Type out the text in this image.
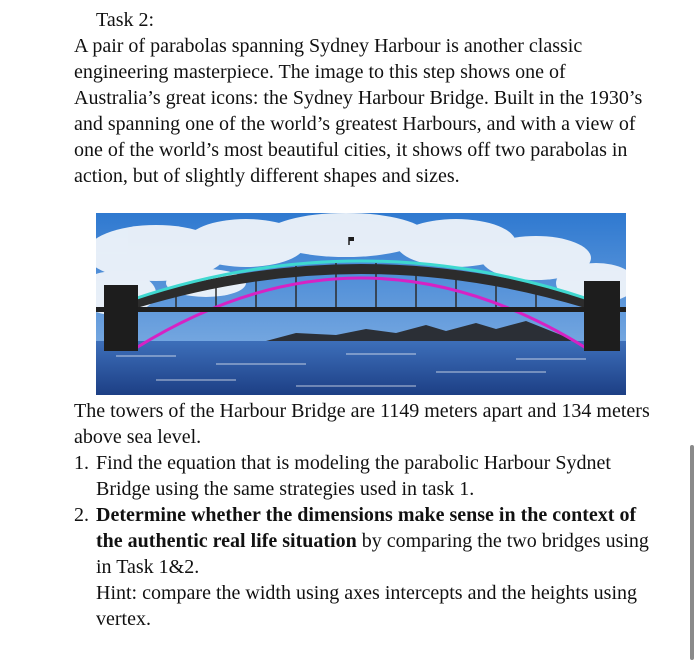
Task 2:

A pair of parabolas spanning Sydney Harbour is another classic engineering masterpiece. The image to this step shows one of Australia’s great icons: the Sydney Harbour Bridge. Built in the 1930’s and spanning one of the world’s greatest Harbours, and with a view of one of the world’s most beautiful cities, it shows off two parabolas in action, but of slightly different shapes and sizes.

The towers of the Harbour Bridge are 1149 meters apart and 134 meters above sea level.

1. Find the equation that is modeling the parabolic Harbour Sydnet Bridge using the same strategies used in task 1.
2. Determine whether the dimensions make sense in the context of the authentic real life situation by comparing the two bridges using in Task 1&2.
Hint: compare the width using axes intercepts and the heights using vertex.
